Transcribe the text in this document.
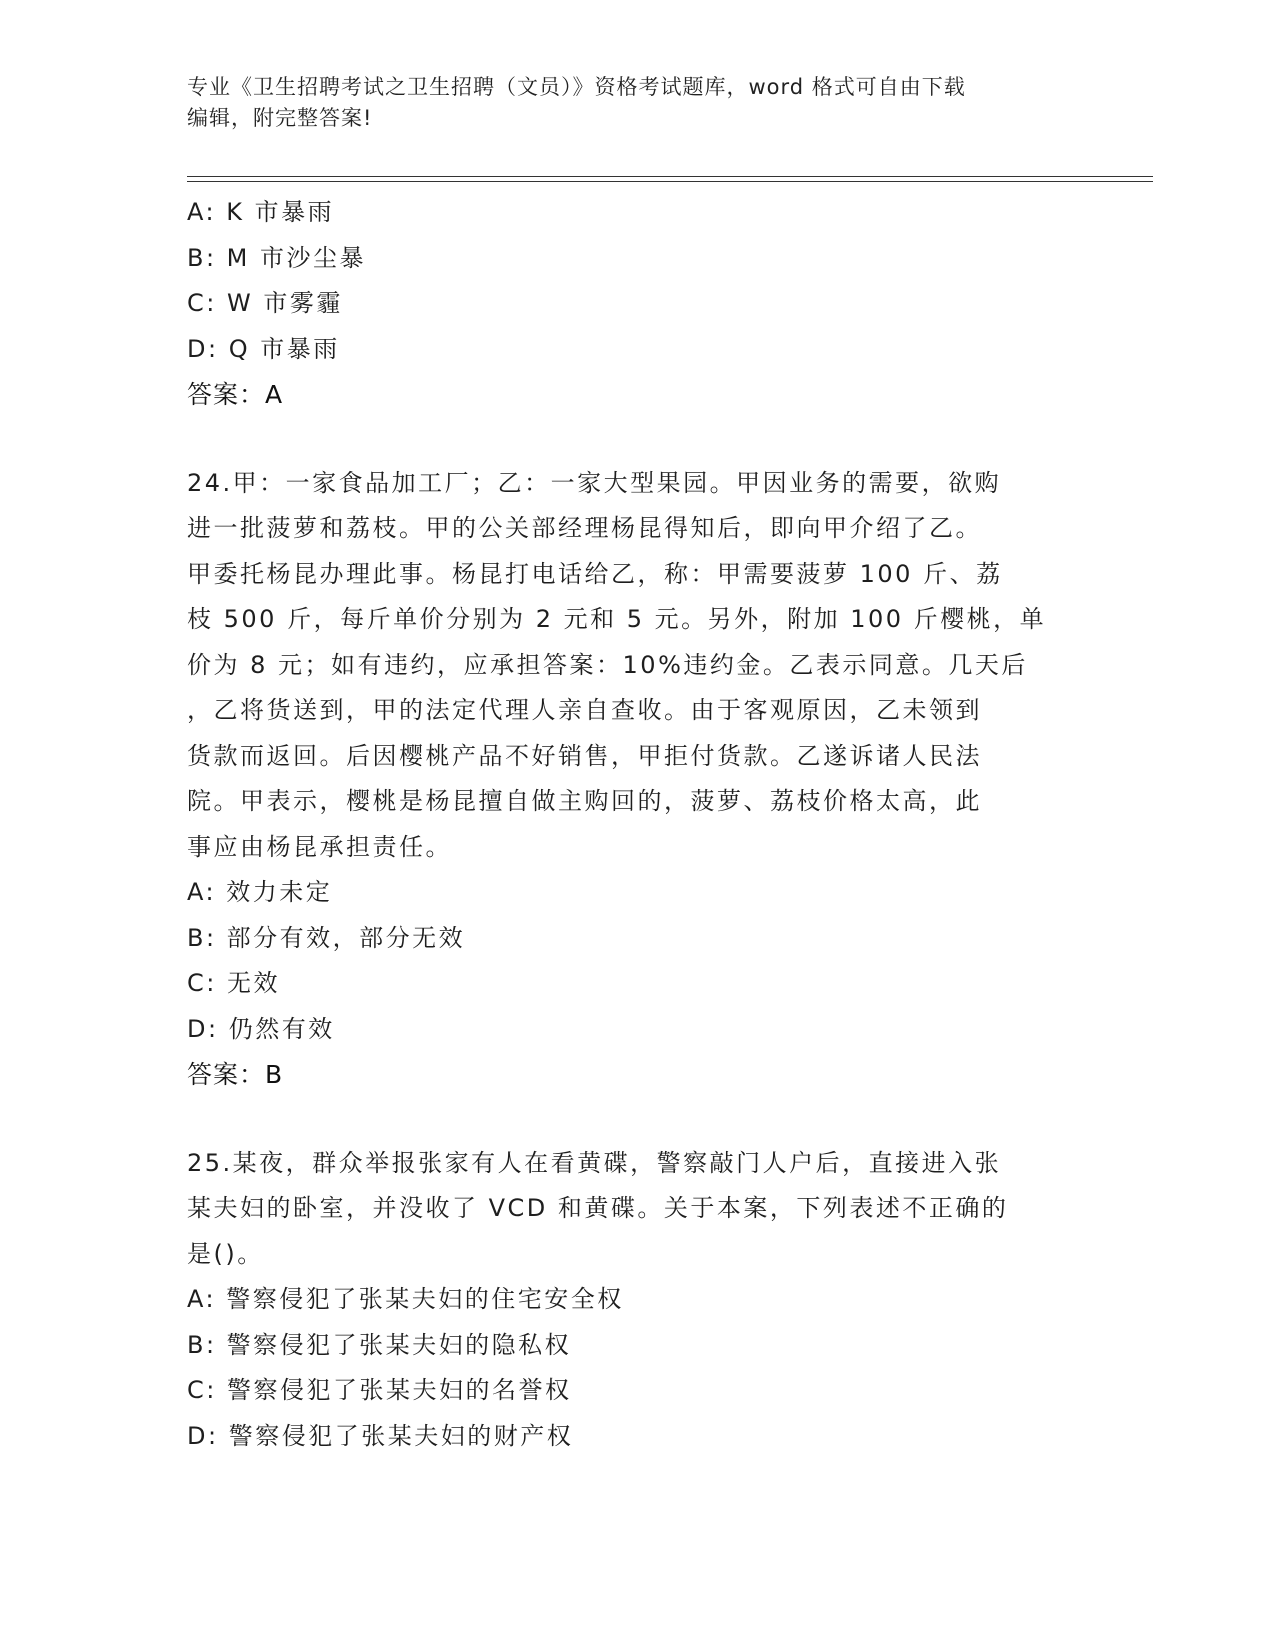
专业《卫生招聘考试之卫生招聘（文员）》资格考试题库，word 格式可自由下载
编辑，附完整答案!

A: K 市暴雨

B: M 市沙尘暴

C: W 市雾霾

D: Q 市暴雨

答案：A

24.甲：一家食品加工厂；乙：一家大型果园。甲因业务的需要，欲购
进一批菠萝和荔枝。甲的公关部经理杨昆得知后，即向甲介绍了乙。
甲委托杨昆办理此事。杨昆打电话给乙，称：甲需要菠萝 100 斤、荔
枝 500 斤，每斤单价分别为 2 元和 5 元。另外，附加 100 斤樱桃，单
价为 8 元；如有违约，应承担答案：10%违约金。乙表示同意。几天后
，乙将货送到，甲的法定代理人亲自查收。由于客观原因，乙未领到
货款而返回。后因樱桃产品不好销售，甲拒付货款。乙遂诉诸人民法
院。甲表示，樱桃是杨昆擅自做主购回的，菠萝、荔枝价格太高，此
事应由杨昆承担责任。

A: 效力未定

B: 部分有效，部分无效

C: 无效

D: 仍然有效

答案：B

25.某夜，群众举报张家有人在看黄碟，警察敲门人户后，直接进入张
某夫妇的卧室，并没收了 VCD 和黄碟。关于本案，下列表述不正确的
是()。

A: 警察侵犯了张某夫妇的住宅安全权

B: 警察侵犯了张某夫妇的隐私权

C: 警察侵犯了张某夫妇的名誉权

D: 警察侵犯了张某夫妇的财产权
